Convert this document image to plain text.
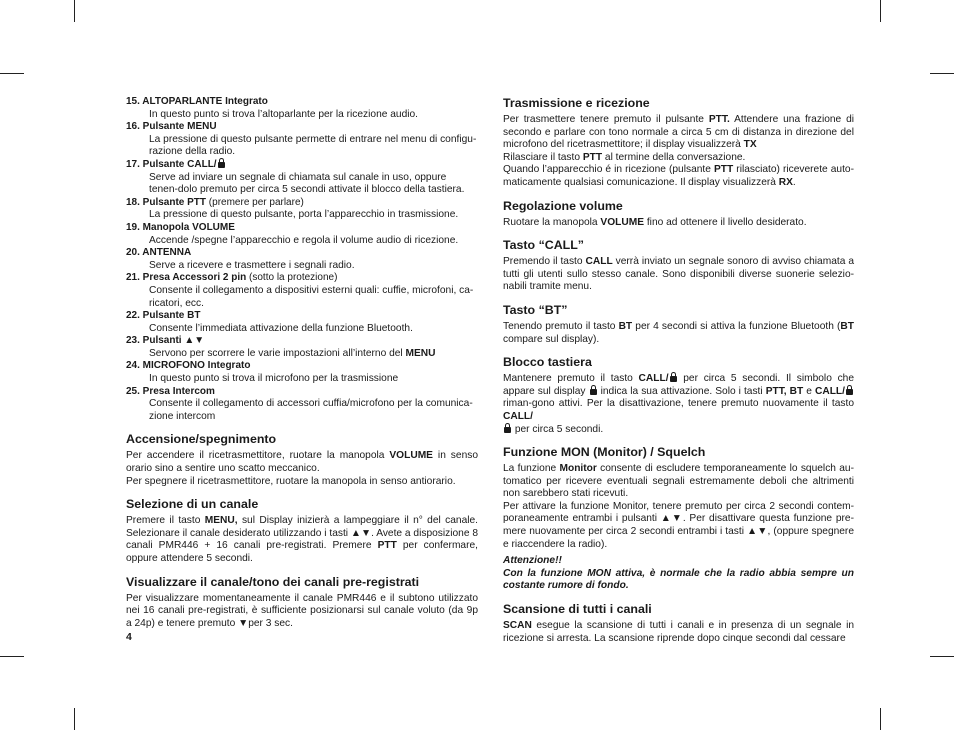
15. ALTOPARLANTE Integrato
In questo punto si trova l’altoparlante per la ricezione audio.
16. Pulsante MENU
La pressione di questo pulsante permette di entrare nel menu di configu-razione della radio.
17. Pulsante CALL/
Serve ad inviare un segnale di chiamata sul canale in uso, oppure tenen-dolo premuto per circa 5 secondi attivate il blocco della tastiera.
18. Pulsante PTT (premere per parlare)
La pressione di questo pulsante, porta l’apparecchio in trasmissione.
19. Manopola VOLUME
Accende /spegne l’apparecchio e regola il volume audio di ricezione.
20. ANTENNA
Serve a ricevere e trasmettere i segnali radio.
21. Presa Accessori 2 pin (sotto la protezione)
Consente il collegamento a dispositivi esterni quali: cuffie, microfoni, ca-ricatori, ecc.
22. Pulsante BT
Consente l’immediata attivazione della funzione Bluetooth.
23. Pulsanti ▲▼
Servono per scorrere le varie impostazioni all’interno del MENU
24. MICROFONO Integrato
In questo punto si trova il microfono per la trasmissione
25. Presa Intercom
Consente il collegamento di accessori cuffia/microfono per la comunica-zione intercom
Accensione/spegnimento

Per accendere il ricetrasmettitore, ruotare la manopola VOLUME in senso orario sino a sentire uno scatto meccanico.

Per spegnere il ricetrasmettitore, ruotare la manopola in senso antiorario.

Selezione di un canale

Premere il tasto MENU, sul Display inizierà a lampeggiare il n° del canale. Selezionare il canale desiderato utilizzando i tasti ▲▼. Avete a disposizione 8 canali PMR446 + 16 canali pre-registrati. Premere PTT per confermare, oppure attendere 5 secondi.

Visualizzare il canale/tono dei canali pre-registrati

Per visualizzare momentaneamente il canale PMR446 e il subtono utilizzato nei 16 canali pre-registrati, è sufficiente posizionarsi sul canale voluto (da 9p a 24p) e tenere premuto ▼per 3 sec.

4
Trasmissione e ricezione

Per trasmettere tenere premuto il pulsante PTT. Attendere una frazione di secondo e parlare con tono normale a circa 5 cm di distanza in direzione del microfono del ricetrasmettitore; il display visualizzerà TX

Rilasciare il tasto PTT al termine della conversazione.

Quando l’apparecchio é in ricezione (pulsante PTT rilasciato) riceverete auto-maticamente qualsiasi comunicazione. Il display visualizzerà RX.

Regolazione volume

Ruotare la manopola VOLUME fino ad ottenere il livello desiderato.

Tasto “CALL”

Premendo il tasto CALL verrà inviato un segnale sonoro di avviso chiamata a tutti gli utenti sullo stesso canale. Sono disponibili diverse suonerie selezio-nabili tramite menu.

Tasto “BT”

Tenendo premuto il tasto BT per 4 secondi si attiva la funzione Bluetooth (BT compare sul display).

Blocco tastiera

Mantenere premuto il tasto CALL/ per circa 5 secondi. Il simbolo che appare sul display  indica la sua attivazione. Solo i tasti PTT, BT e CALL/ riman-gono attivi. Per la disattivazione, tenere premuto nuovamente il tasto CALL/
per circa 5 secondi.

Funzione MON (Monitor) / Squelch

La funzione Monitor consente di escludere temporaneamente lo squelch au-tomatico per ricevere eventuali segnali estremamente deboli che altrimenti non sarebbero stati ricevuti.

Per attivare la funzione Monitor, tenere premuto per circa 2 secondi contem-poraneamente entrambi i pulsanti ▲▼. Per disattivare questa funzione pre-mere nuovamente per circa 2 secondi entrambi i tasti ▲▼, (oppure spegnere e riaccendere la radio).

Attenzione!!

Con la funzione MON attiva, è normale che la radio abbia sempre un costante rumore di fondo.

Scansione di tutti i canali

SCAN esegue la scansione di tutti i canali e in presenza di un segnale in ricezione si arresta. La scansione riprende dopo cinque secondi dal cessare
